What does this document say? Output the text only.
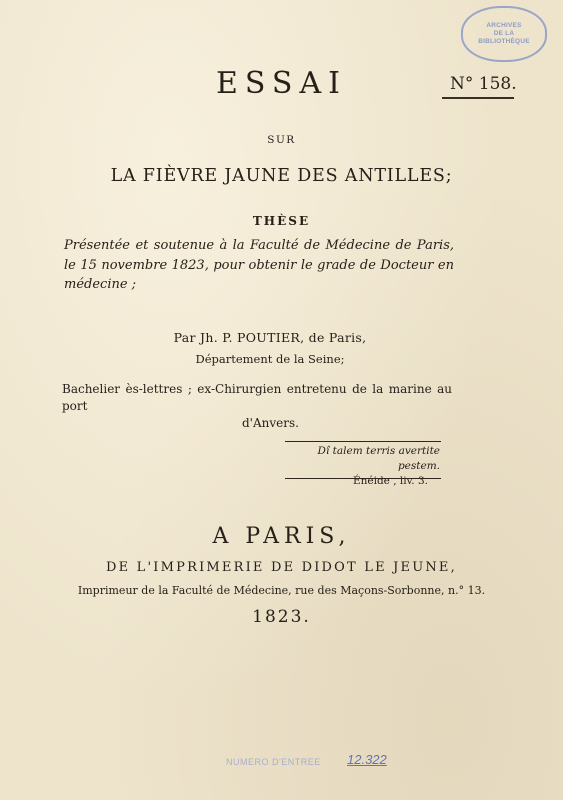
ARCHIVES
DE LA
BIBLIOTHÈQUE
N° 158.
ESSAI
SUR
LA FIÈVRE JAUNE DES ANTILLES;
THÈSE
Présentée et soutenue à la Faculté de Médecine de Paris, le 15 novembre 1823, pour obtenir le grade de Docteur en médecine ;
Par Jh. P. POUTIER, de Paris,
Département de la Seine;
Bachelier ès-lettres ; ex-Chirurgien entretenu de la marine au port
d'Anvers.
Dî talem terris avertite pestem.
Énéide , liv. 3.
A PARIS,
DE L'IMPRIMERIE DE DIDOT LE JEUNE,
Imprimeur de la Faculté de Médecine, rue des Maçons-Sorbonne, n.° 13.
1823.
NUMERO D'ENTREE 12.322
